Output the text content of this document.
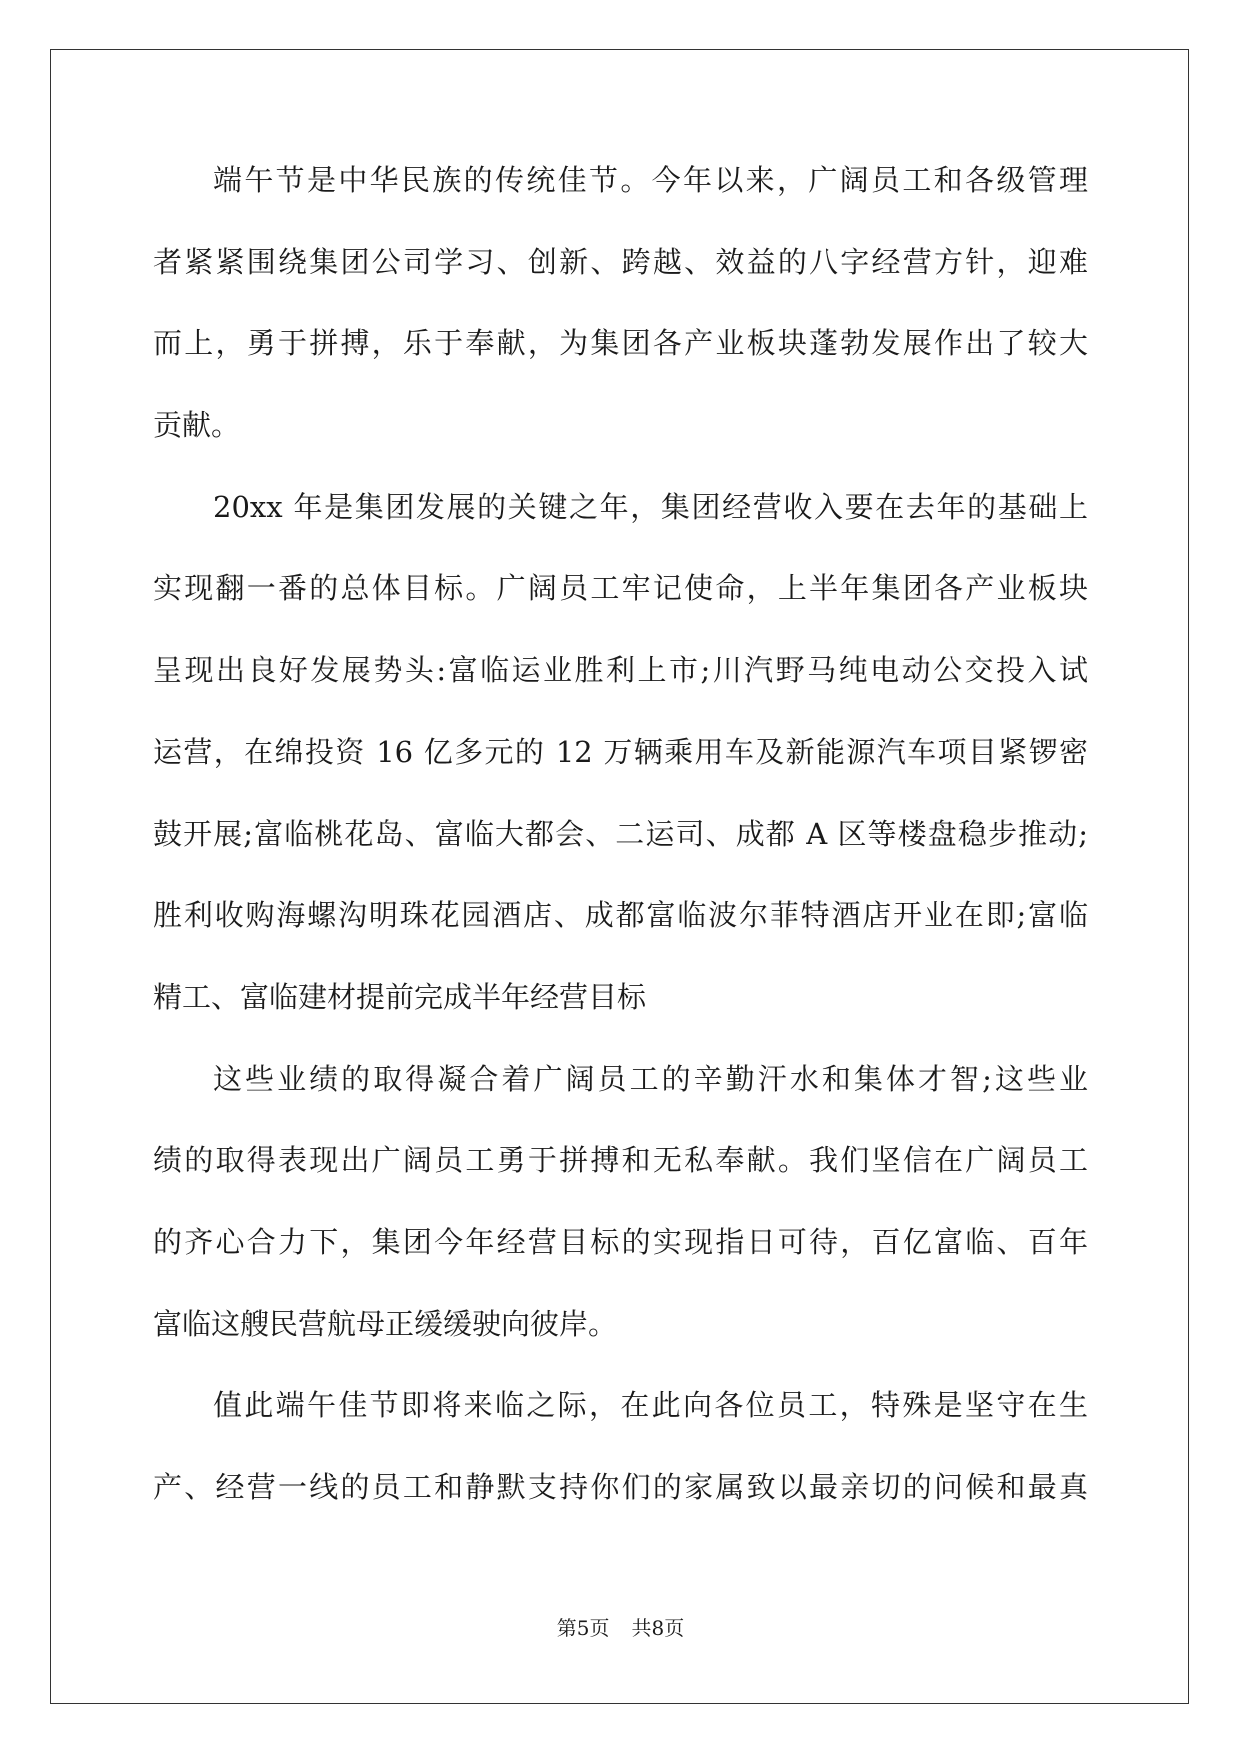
端午节是中华民族的传统佳节。今年以来，广阔员工和各级管理
者紧紧围绕集团公司学习、创新、跨越、效益的八字经营方针，迎难
而上，勇于拼搏，乐于奉献，为集团各产业板块蓬勃发展作出了较大
贡献。
20xx 年是集团发展的关键之年，集团经营收入要在去年的基础上
实现翻一番的总体目标。广阔员工牢记使命，上半年集团各产业板块
呈现出良好发展势头:富临运业胜利上市;川汽野马纯电动公交投入试
运营，在绵投资 16 亿多元的 12 万辆乘用车及新能源汽车项目紧锣密
鼓开展;富临桃花岛、富临大都会、二运司、成都 A 区等楼盘稳步推动;
胜利收购海螺沟明珠花园酒店、成都富临波尔菲特酒店开业在即;富临
精工、富临建材提前完成半年经营目标
这些业绩的取得凝合着广阔员工的辛勤汗水和集体才智;这些业
绩的取得表现出广阔员工勇于拼搏和无私奉献。我们坚信在广阔员工
的齐心合力下，集团今年经营目标的实现指日可待，百亿富临、百年
富临这艘民营航母正缓缓驶向彼岸。
值此端午佳节即将来临之际，在此向各位员工，特殊是坚守在生
产、经营一线的员工和静默支持你们的家属致以最亲切的问候和最真
第5页 共8页
